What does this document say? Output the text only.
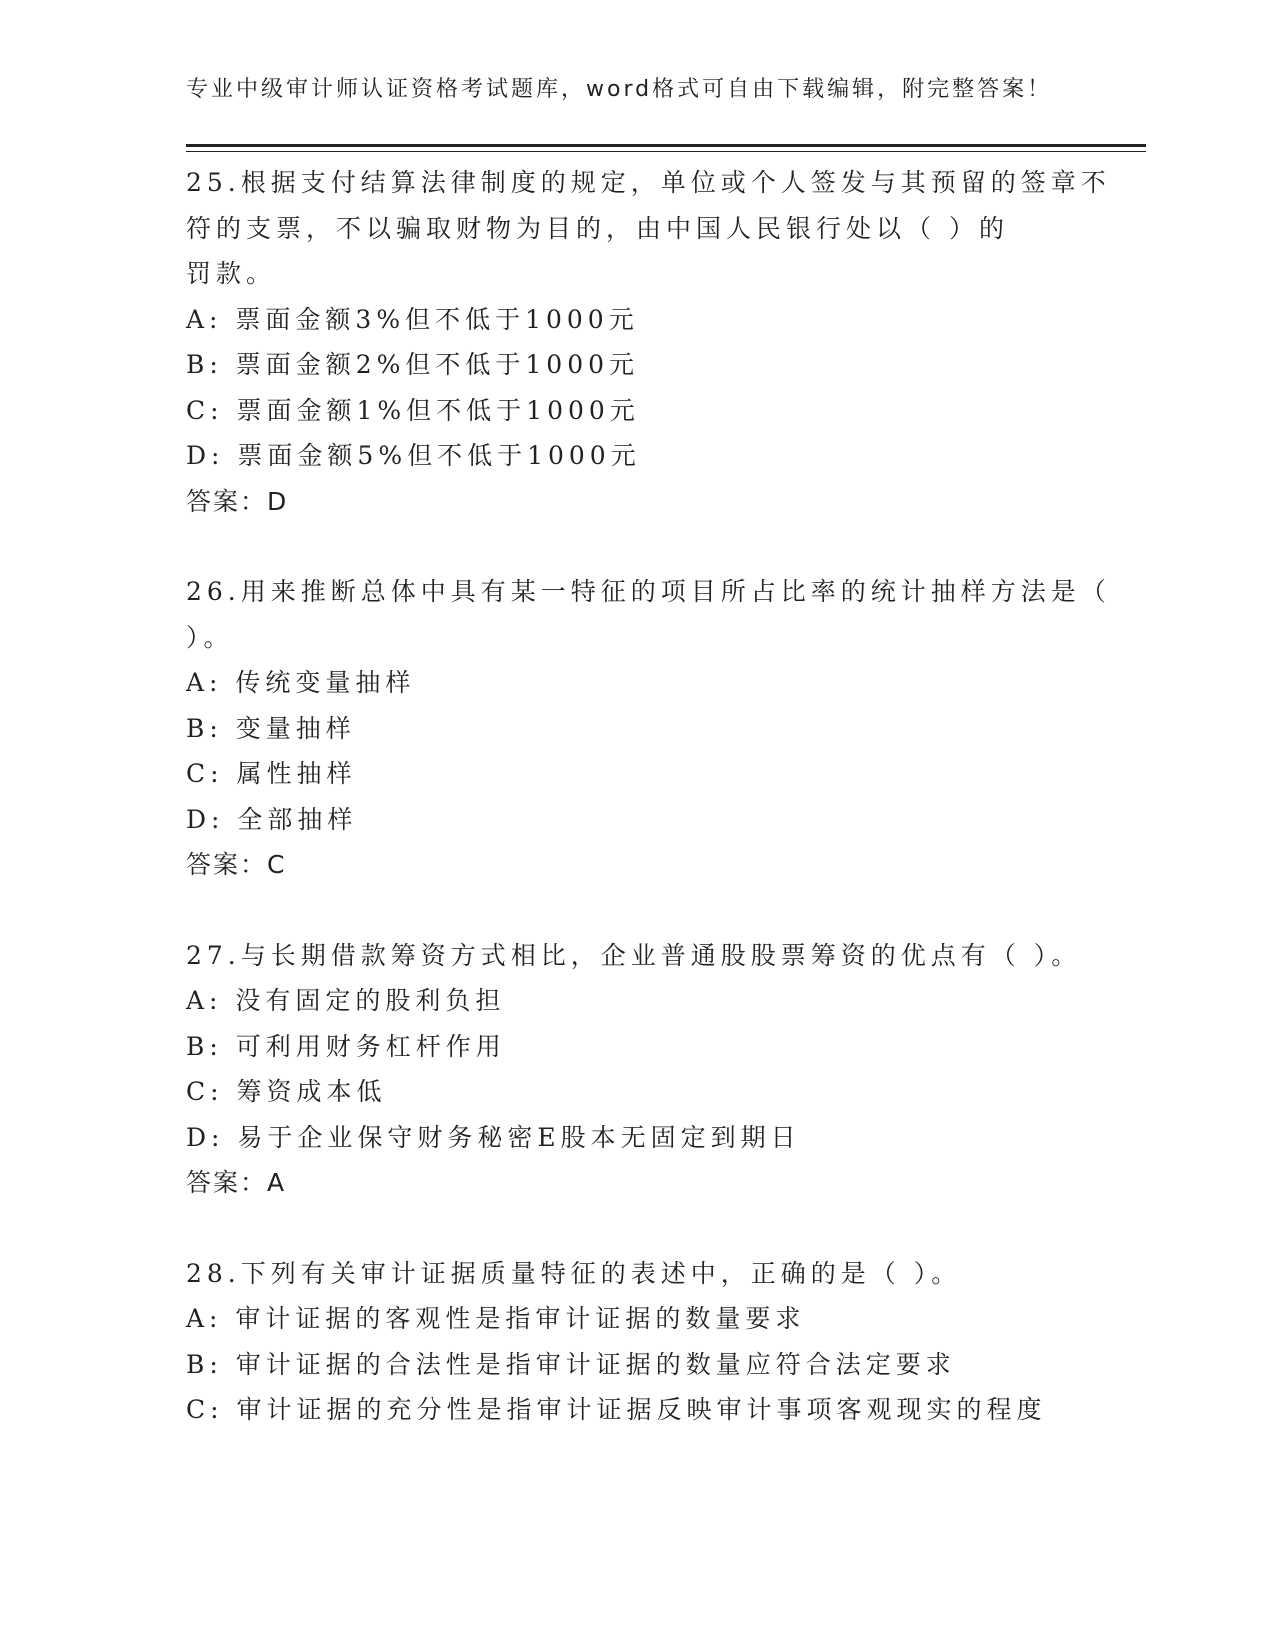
专业中级审计师认证资格考试题库，word格式可自由下载编辑，附完整答案！
25.根据支付结算法律制度的规定，单位或个人签发与其预留的签章不
符的支票，不以骗取财物为目的，由中国人民银行处以（ ）的
罚款。
A: 票面金额3%但不低于1000元
B: 票面金额2%但不低于1000元
C: 票面金额1%但不低于1000元
D: 票面金额5%但不低于1000元
答案：D
26.用来推断总体中具有某一特征的项目所占比率的统计抽样方法是（
）。
A: 传统变量抽样
B: 变量抽样
C: 属性抽样
D: 全部抽样
答案：C
27.与长期借款筹资方式相比，企业普通股股票筹资的优点有（ ）。
A: 没有固定的股利负担
B: 可利用财务杠杆作用
C: 筹资成本低
D: 易于企业保守财务秘密E股本无固定到期日
答案：A
28.下列有关审计证据质量特征的表述中，正确的是（ ）。
A: 审计证据的客观性是指审计证据的数量要求
B: 审计证据的合法性是指审计证据的数量应符合法定要求
C: 审计证据的充分性是指审计证据反映审计事项客观现实的程度
